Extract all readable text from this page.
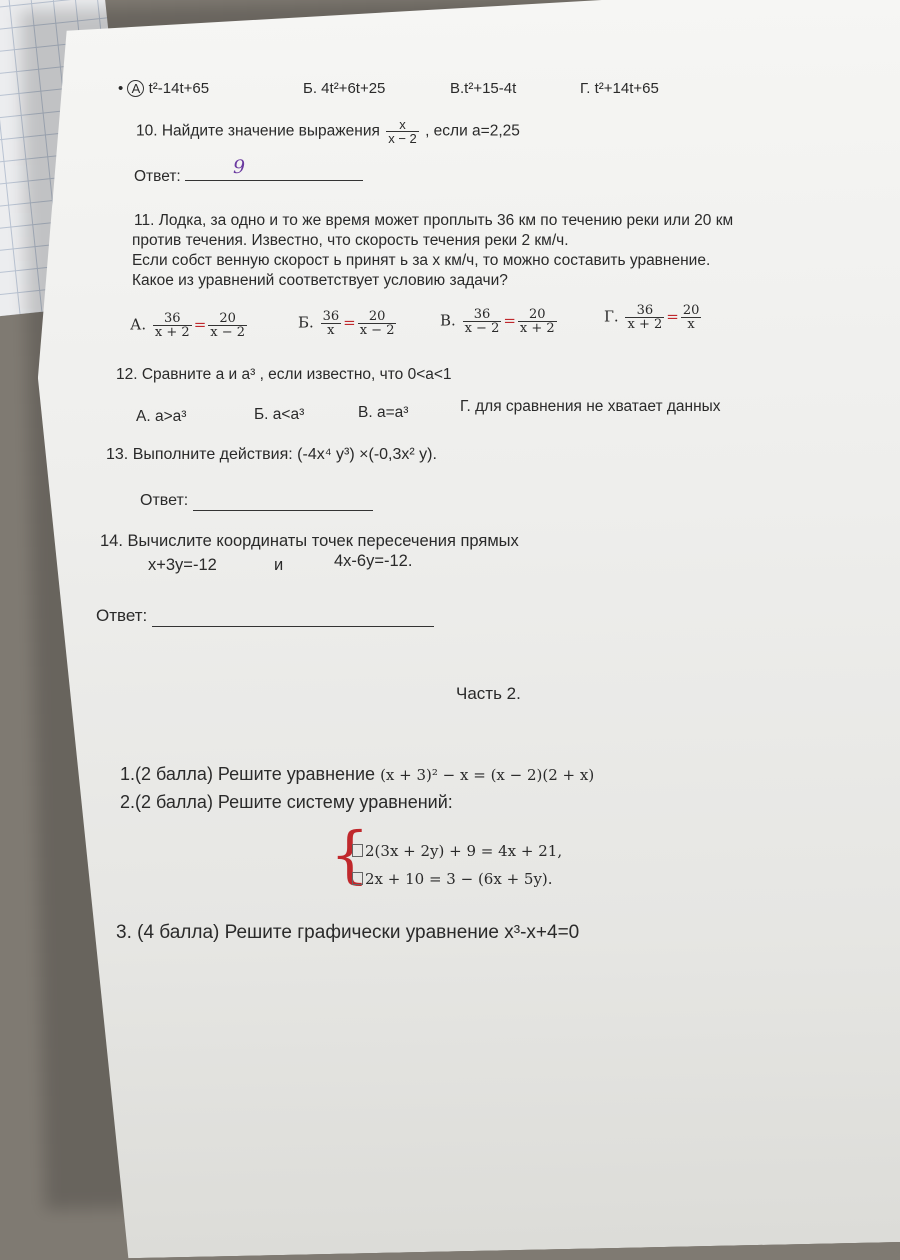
• А t²-14t+65	Б. 4t²+6t+25	В.t²+15-4t	Г. t²+14t+65
10. Найдите значение выражения $\frac{x}{x - 2}$ , если a=2,25
Ответ:	9
11. Лодка, за одно и то же время может проплыть 36 км по течению реки или 20 км
против течения. Известно, что скорость течения реки 2 км/ч.
Если собст венную скорост ь принят ь за x км/ч, то можно составить уравнение.
Какое из уравнений соответствует условию задачи?
А. $\frac{36}{x + 2} = \frac{20}{x - 2}$	Б. $\frac{36}{x} = \frac{20}{x - 2}$	В. $\frac{36}{x - 2} = \frac{20}{x + 2}$	Г. $\frac{36}{x + 2} = \frac{20}{x}$
12. Сравните а и а³ , если известно, что 0<a<1
А. a>a³	Б. a<a³	В. a=a³	Г. для сравнения не хватает данных
13. Выполните действия: (-4x⁴ y³) ×(-0,3x² y).
Ответ:
14. Вычислите координаты точек пересечения прямых
x+3y=-12	и	4x-6y=-12.
Ответ:
Часть 2.
1.(2 балла) Решите уравнение (x + 3)² − x = (x − 2)(2 + x)
2.(2 балла) Решите систему уравнений:
{
2(3x + 2y) + 9 = 4x + 21,
2x + 10 = 3 − (6x + 5y).
3. (4 балла) Решите графически уравнение x³-x+4=0
